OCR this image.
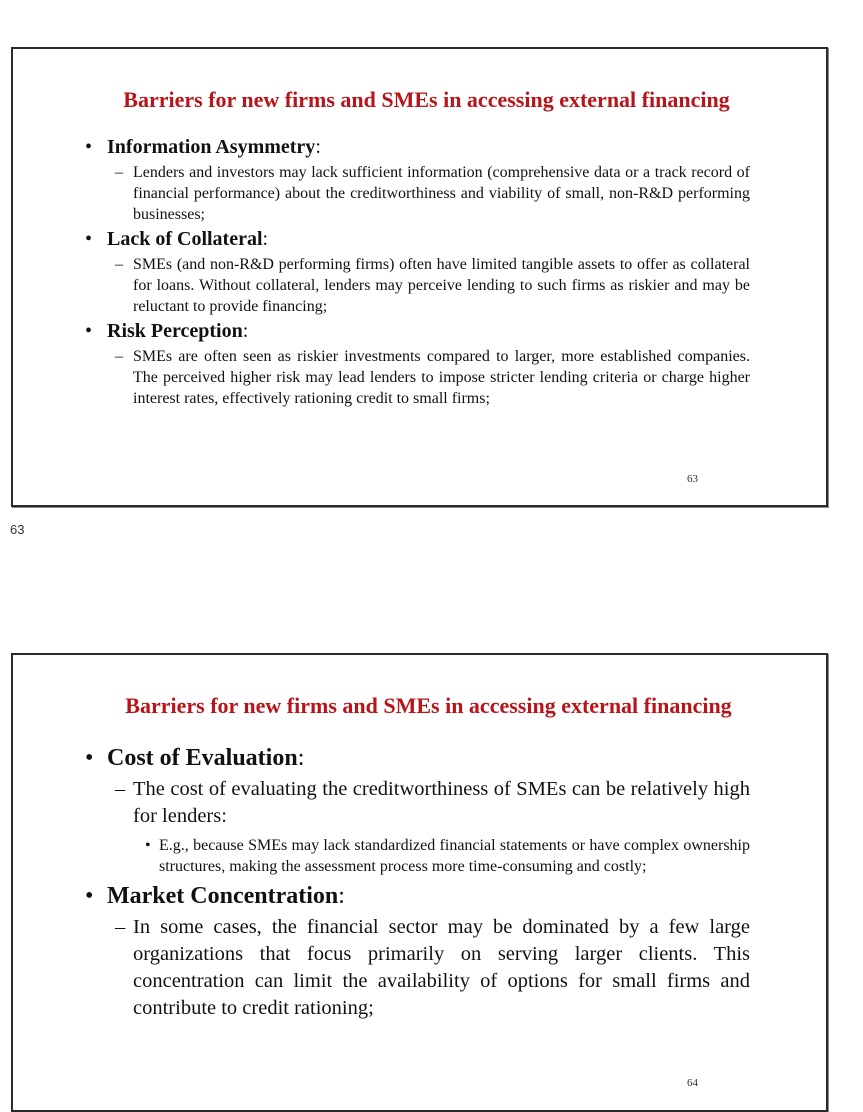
Barriers for new firms and SMEs in accessing external financing
• Information Asymmetry:
– Lenders and investors may lack sufficient information (comprehensive data or a track record of financial performance) about the creditworthiness and viability of small, non-R&D performing businesses;
• Lack of Collateral:
– SMEs (and non-R&D performing firms) often have limited tangible assets to offer as collateral for loans. Without collateral, lenders may perceive lending to such firms as riskier and may be reluctant to provide financing;
• Risk Perception:
– SMEs are often seen as riskier investments compared to larger, more established companies. The perceived higher risk may lead lenders to impose stricter lending criteria or charge higher interest rates, effectively rationing credit to small firms;
63
63
Barriers for new firms and SMEs in accessing external financing
• Cost of Evaluation:
– The cost of evaluating the creditworthiness of SMEs can be relatively high for lenders:
• E.g., because SMEs may lack standardized financial statements or have complex ownership structures, making the assessment process more time-consuming and costly;
• Market Concentration:
– In some cases, the financial sector may be dominated by a few large organizations that focus primarily on serving larger clients. This concentration can limit the availability of options for small firms and contribute to credit rationing;
64
